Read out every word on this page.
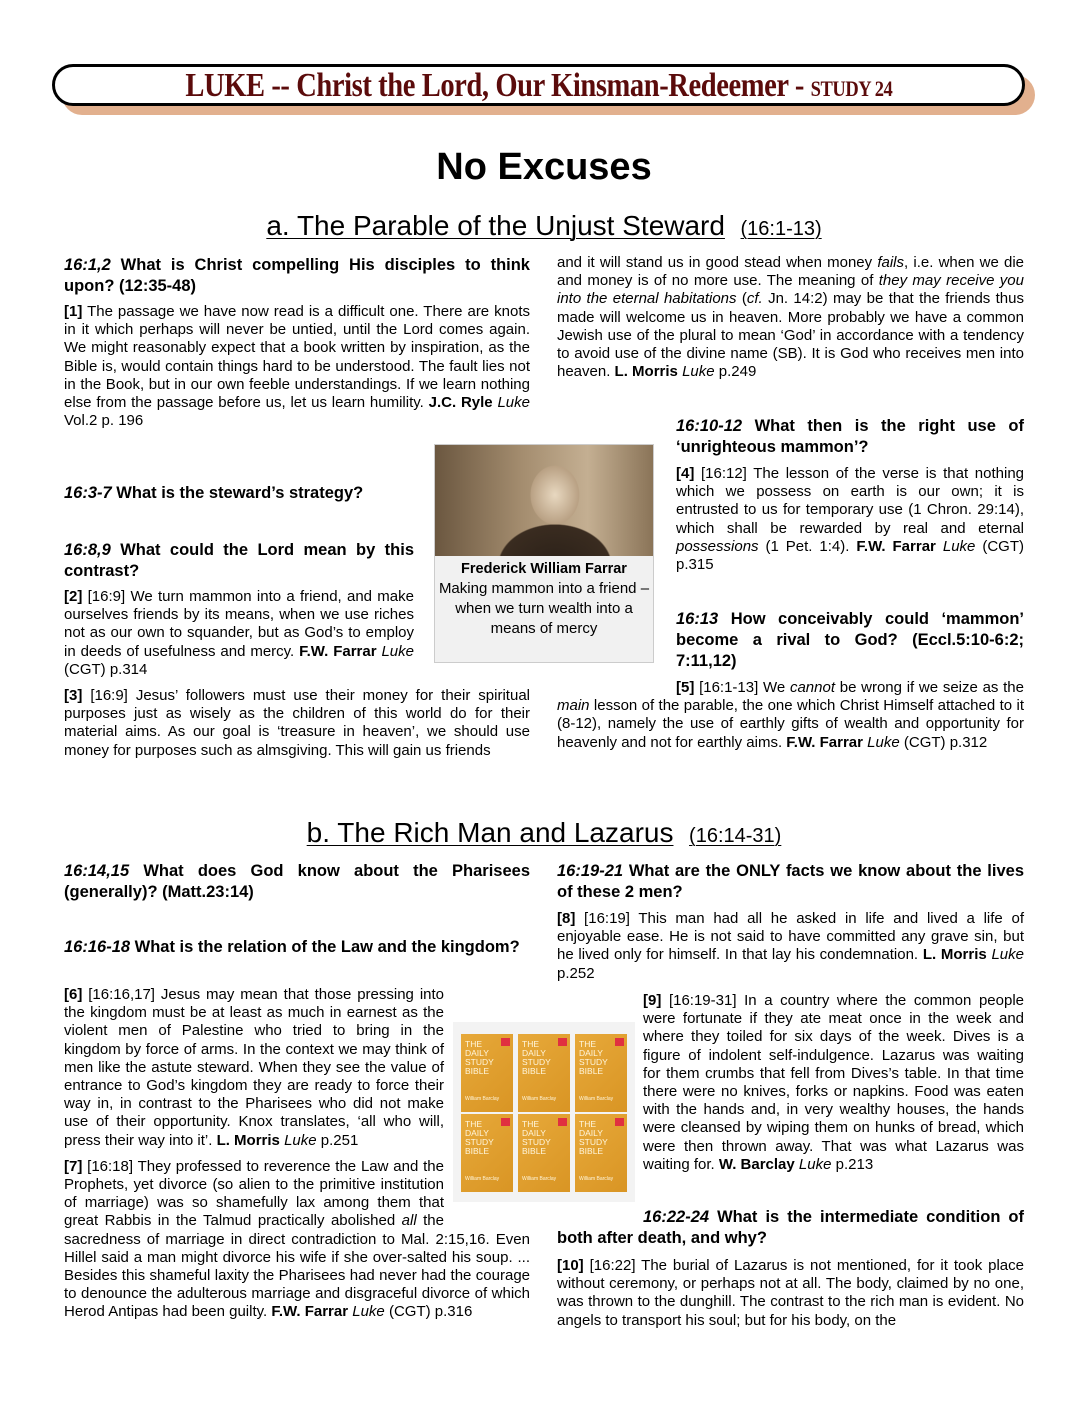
LUKE -- Christ the Lord, Our Kinsman-Redeemer - STUDY 24
No Excuses
a. The Parable of the Unjust Steward (16:1-13)
16:1,2 What is Christ compelling His disciples to think upon? (12:35-48)
[1] The passage we have now read is a difficult one. There are knots in it which perhaps will never be untied, until the Lord comes again. We might reasonably expect that a book written by inspiration, as the Bible is, would contain things hard to be understood. The fault lies not in the Book, but in our own feeble understandings. If we learn nothing else from the passage before us, let us learn humility. J.C. Ryle Luke Vol.2 p. 196
16:3-7 What is the steward’s strategy?
16:8,9 What could the Lord mean by this contrast?
[2] [16:9] We turn mammon into a friend, and make ourselves friends by its means, when we use riches not as our own to squander, but as God’s to employ in deeds of usefulness and mercy. F.W. Farrar Luke (CGT) p.314
Frederick William Farrar
Making mammon into a friend – when we turn wealth into a means of mercy
[3] [16:9] Jesus’ followers must use their money for their spiritual purposes just as wisely as the children of this world do for their material aims. As our goal is ‘treasure in heaven’, we should use money for purposes such as almsgiving. This will gain us friends
and it will stand us in good stead when money fails, i.e. when we die and money is of no more use. The meaning of they may receive you into the eternal habitations (cf. Jn. 14:2) may be that the friends thus made will welcome us in heaven. More probably we have a common Jewish use of the plural to mean ‘God’ in accordance with a tendency to avoid use of the divine name (SB). It is God who receives men into heaven. L. Morris Luke p.249
16:10-12 What then is the right use of ‘unrighteous mammon’?
[4] [16:12] The lesson of the verse is that nothing which we possess on earth is our own; it is entrusted to us for temporary use (1 Chron. 29:14), which shall be rewarded by real and eternal possessions (1 Pet. 1:4). F.W. Farrar Luke (CGT) p.315
16:13 How conceivably could ‘mammon’ become a rival to God? (Eccl.5:10-6:2; 7:11,12)
[5] [16:1-13] We cannot be wrong if we seize as the main lesson of the parable, the one which Christ Himself attached to it (8-12), namely the use of earthly gifts of wealth and opportunity for heavenly and not for earthly aims. F.W. Farrar Luke (CGT) p.312
b. The Rich Man and Lazarus (16:14-31)
16:14,15 What does God know about the Pharisees (generally)? (Matt.23:14)
16:16-18 What is the relation of the Law and the kingdom?
[6] [16:16,17] Jesus may mean that those pressing into the kingdom must be at least as much in earnest as the violent men of Palestine who tried to bring in the kingdom by force of arms. In the context we may think of men like the astute steward. When they see the value of entrance to God’s kingdom they are ready to force their way in, in contrast to the Pharisees who did not make use of their opportunity. Knox translates, ‘all who will, press their way into it’. L. Morris Luke p.251
[7] [16:18] They professed to reverence the Law and the Prophets, yet divorce (so alien to the primitive institution of marriage) was so shamefully lax among them that great Rabbis in the Talmud practically abolished all the sacredness of marriage in direct contradiction to Mal. 2:15,16. Even Hillel said a man might divorce his wife if she over-salted his soup. ... Besides this shameful laxity the Pharisees had never had the courage to denounce the adulterous marriage and disgraceful divorce of which Herod Antipas had been guilty. F.W. Farrar Luke (CGT) p.316
THE DAILY STUDY BIBLE
William Barclay
THE DAILY STUDY BIBLE
William Barclay
THE DAILY STUDY BIBLE
William Barclay
THE DAILY STUDY BIBLE
William Barclay
THE DAILY STUDY BIBLE
William Barclay
THE DAILY STUDY BIBLE
William Barclay
16:19-21 What are the ONLY facts we know about the lives of these 2 men?
[8] [16:19] This man had all he asked in life and lived a life of enjoyable ease. He is not said to have committed any grave sin, but he lived only for himself. In that lay his condemnation. L. Morris Luke p.252
[9] [16:19-31] In a country where the common people were fortunate if they ate meat once in the week and where they toiled for six days of the week. Dives is a figure of indolent self-indulgence. Lazarus was waiting for them crumbs that fell from Dives’s table. In that time there were no knives, forks or napkins. Food was eaten with the hands and, in very wealthy houses, the hands were cleansed by wiping them on hunks of bread, which were then thrown away. That was what Lazarus was waiting for. W. Barclay Luke p.213
16:22-24 What is the intermediate condition of both after death, and why?
[10] [16:22] The burial of Lazarus is not mentioned, for it took place without ceremony, or perhaps not at all. The body, claimed by no one, was thrown to the dunghill. The contrast to the rich man is evident. No angels to transport his soul; but for his body, on the
